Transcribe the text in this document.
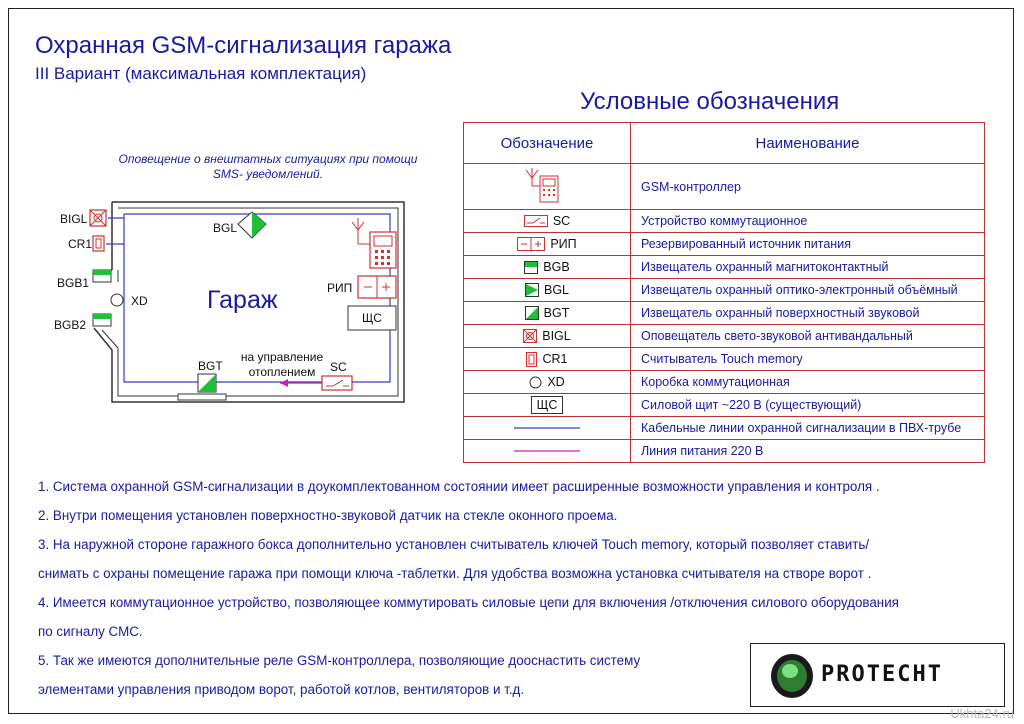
Охранная GSM-сигнализация гаража
III Вариант (максимальная комплектация)
Условные обозначения
Оповещение о внештатных ситуациях при помощи SMS- уведомлений.
Гараж
BIGL
CR1
BGB1
BGB2
XD
BGL
РИП
ЩС
BGT	SC
на управление отоплением
Обозначение	Наименование
	GSM-контроллер

SC	Устройство коммутационное

РИП	Резервированный источник питания

BGB	Извещатель охранный магнитоконтактный

BGL	Извещатель охранный оптико-электронный объёмный

BGT	Извещатель охранный поверхностный звуковой

BIGL	Оповещатель свето-звуковой антивандальный

CR1	Считыватель Touch memory

XD	Коробка коммутационная

ЩС	Силовой щит ~220 В (существующий)

	Кабельные линии охранной сигнализации в ПВХ-трубе

	Линия питания 220 В

1. Система охранной GSM-сигнализации в доукомплектованном состоянии имеет расширенные возможности управления и контроля .

2. Внутри помещения установлен поверхностно-звуковой датчик на стекле оконного проема.

3. На наружной стороне гаражного бокса дополнительно установлен считыватель ключей Touch memory, который позволяет ставить/

снимать с охраны помещение гаража при помощи ключа -таблетки. Для удобства возможна установка считывателя на створе ворот .

4. Имеется коммутационное устройство, позволяющее коммутировать силовые цепи для включения /отключения силового оборудования

по сигналу СМС.

5. Так же имеются дополнительные реле GSM-контроллера, позволяющие дооснастить систему

элементами управления приводом ворот, работой котлов, вентиляторов и т.д.

PROTECHT
Ukhta24.ru
